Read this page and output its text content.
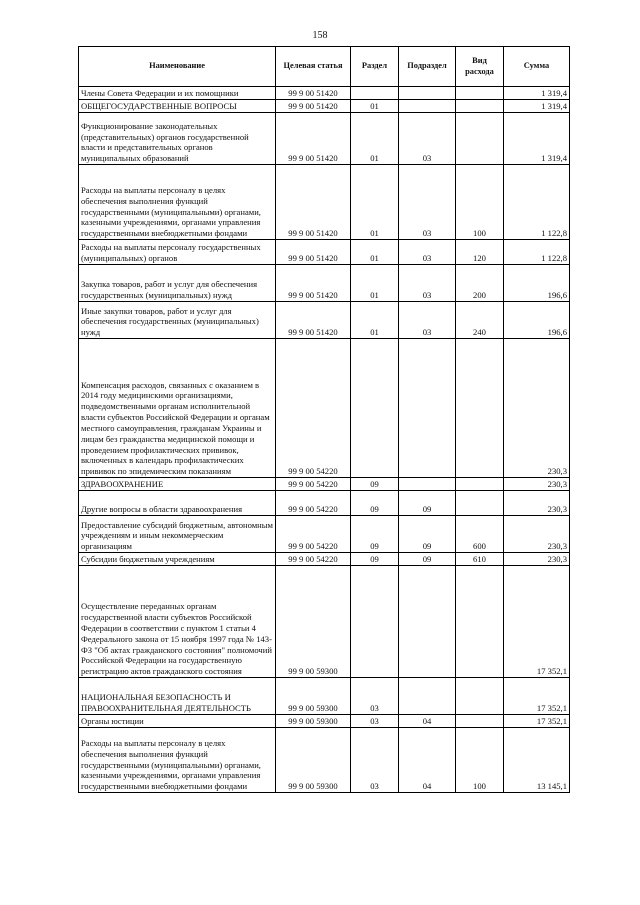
158
Наименование	Целевая статья	Раздел	Подраздел	Вид расхода	Сумма
Члены Совета Федерации и их помощники	99 9 00 51420				1 319,4
ОБЩЕГОСУДАРСТВЕННЫЕ ВОПРОСЫ	99 9 00 51420	01			1 319,4
Функционирование законодательных (представительных) органов государственной власти и представительных органов муниципальных образований	99 9 00 51420	01	03		1 319,4
Расходы на выплаты персоналу в целях обеспечения выполнения функций государственными (муниципальными) органами, казенными учреждениями, органами управления государственными внебюджетными фондами	99 9 00 51420	01	03	100	1 122,8
Расходы на выплаты персоналу государственных (муниципальных) органов	99 9 00 51420	01	03	120	1 122,8
Закупка товаров, работ и услуг для обеспечения государственных (муниципальных) нужд	99 9 00 51420	01	03	200	196,6
Иные закупки товаров, работ и услуг для обеспечения государственных (муниципальных) нужд	99 9 00 51420	01	03	240	196,6
Компенсация расходов, связанных с оказанием в 2014 году медицинскими организациями, подведомственными органам исполнительной власти субъектов Российской Федерации и органам местного самоуправления, гражданам Украины и лицам без гражданства медицинской помощи и проведением профилактических прививок, включенных в календарь профилактических прививок по эпидемическим показаниям	99 9 00 54220				230,3
ЗДРАВООХРАНЕНИЕ	99 9 00 54220	09			230,3
Другие вопросы в области здравоохранения	99 9 00 54220	09	09		230,3
Предоставление субсидий бюджетным, автономным учреждениям и иным некоммерческим организациям	99 9 00 54220	09	09	600	230,3
Субсидии бюджетным учреждениям	99 9 00 54220	09	09	610	230,3
Осуществление переданных органам государственной власти субъектов Российской Федерации в соответствии с пунктом 1 статьи 4 Федерального закона от 15 ноября 1997 года № 143-ФЗ "Об актах гражданского состояния" полномочий Российской Федерации на государственную регистрацию актов гражданского состояния	99 9 00 59300				17 352,1
НАЦИОНАЛЬНАЯ БЕЗОПАСНОСТЬ И ПРАВООХРАНИТЕЛЬНАЯ ДЕЯТЕЛЬНОСТЬ	99 9 00 59300	03			17 352,1
Органы юстиции	99 9 00 59300	03	04		17 352,1
Расходы на выплаты персоналу в целях обеспечения выполнения функций государственными (муниципальными) органами, казенными учреждениями, органами управления государственными внебюджетными фондами	99 9 00 59300	03	04	100	13 145,1
